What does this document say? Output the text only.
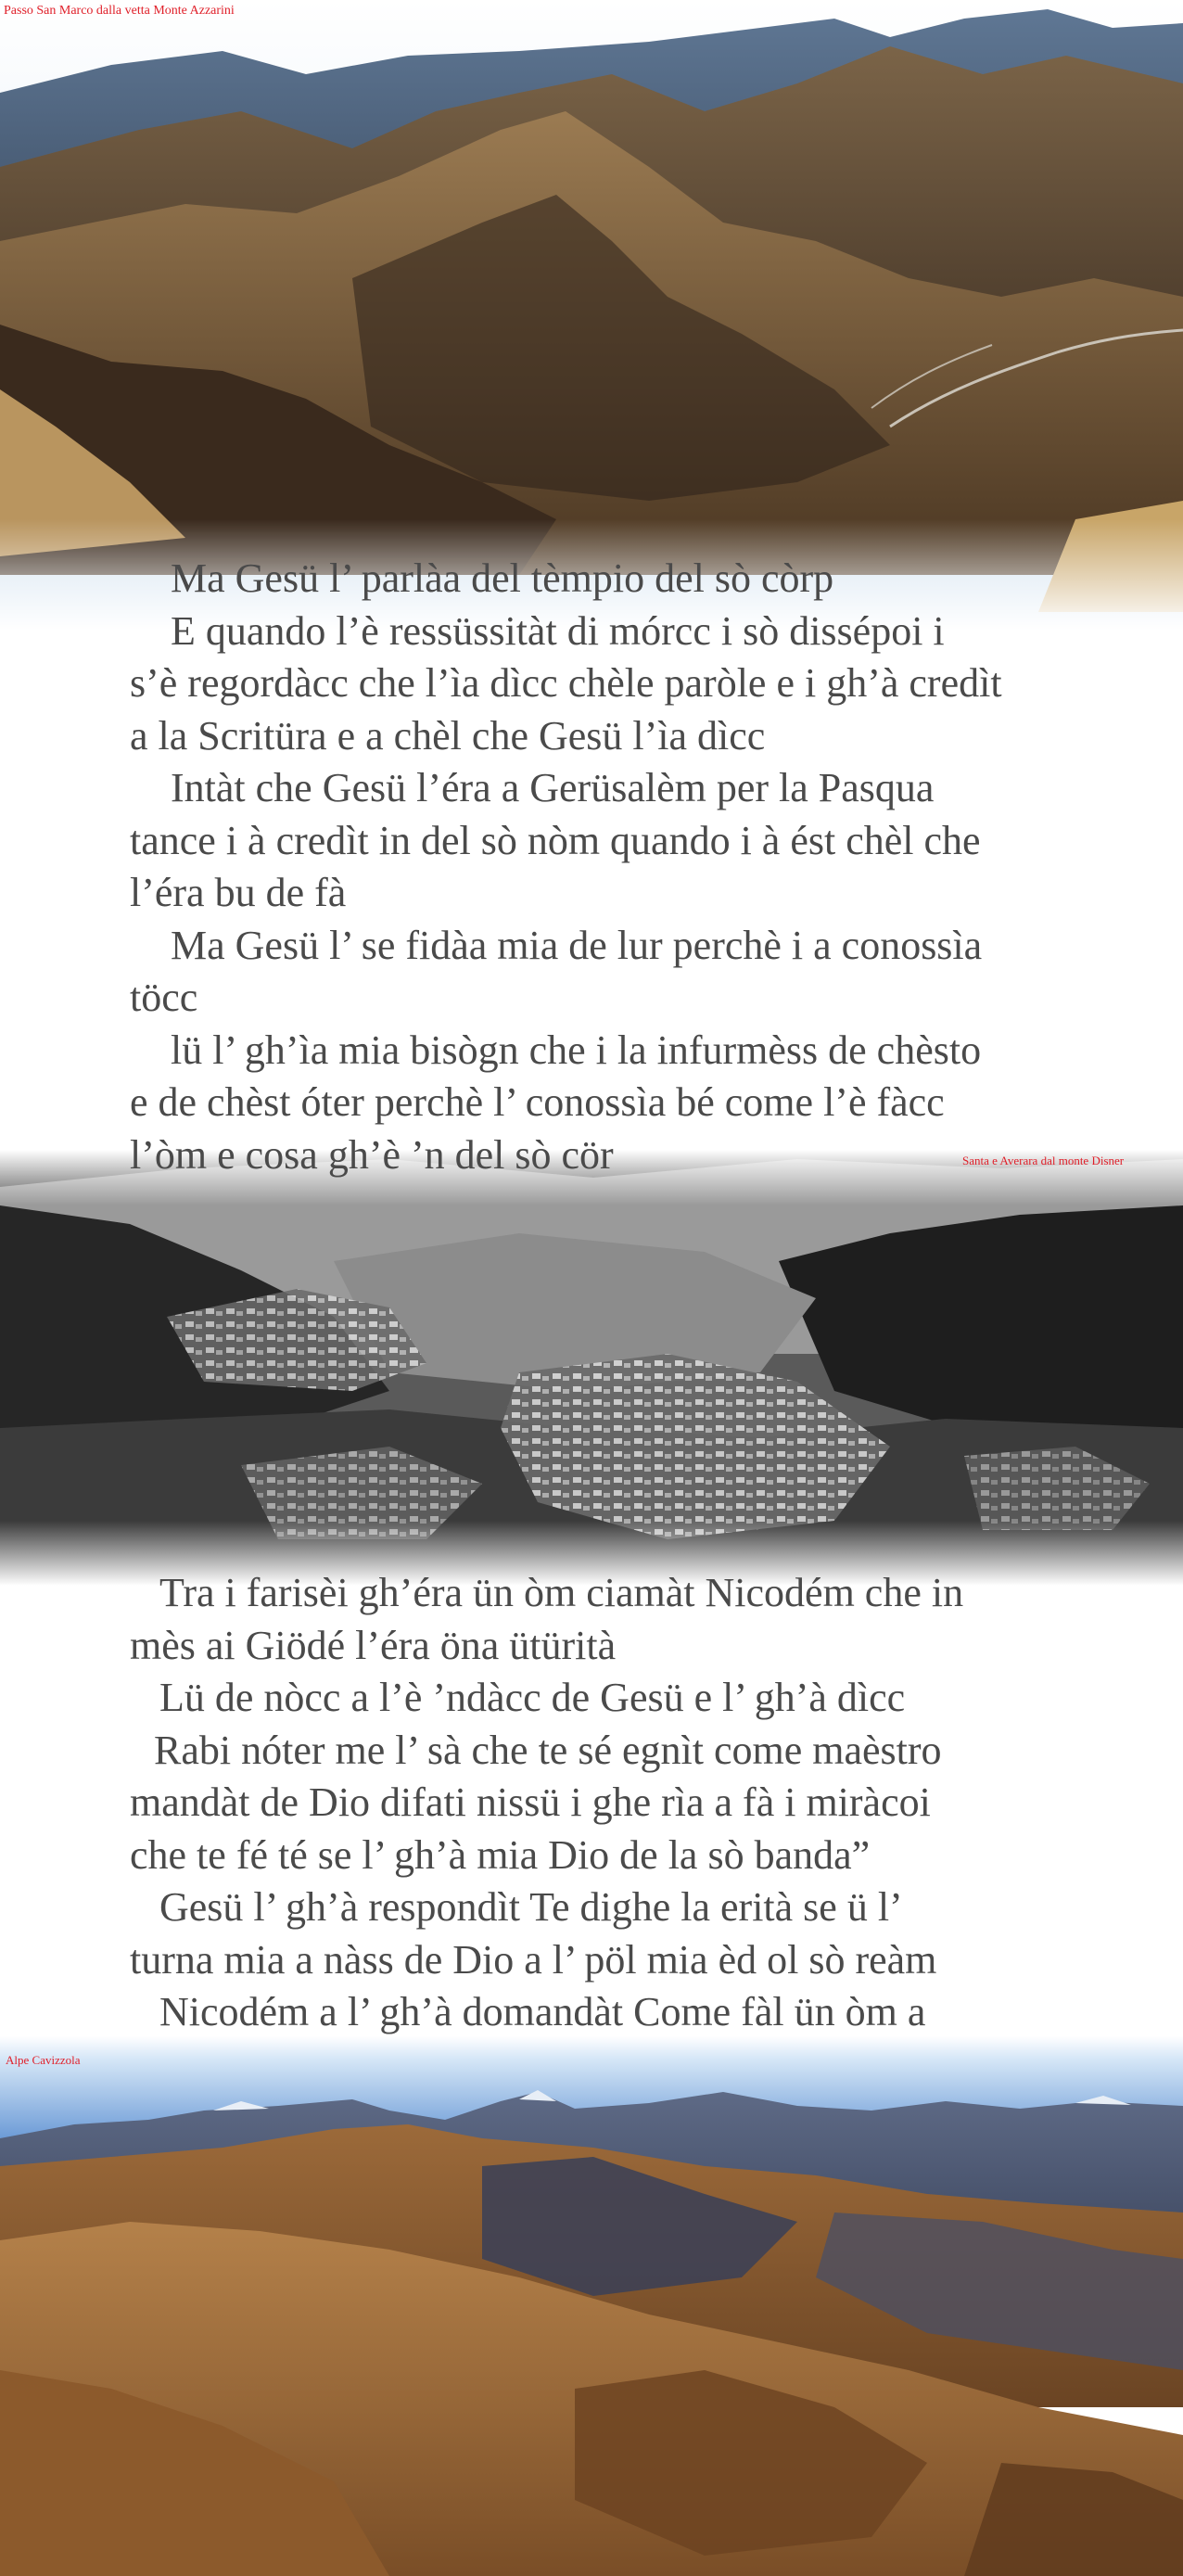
Passo San Marco dalla vetta Monte Azzarini

Ma Gesü l’ parlàa del tèmpio del sò còrp

E quando l’è ressüssitàt di mórcc i sò dissépoi i

s’è regordàcc che l’ìa dìcc chèle paròle e i gh’à credìt

a la Scritüra e a chèl che Gesü l’ìa dìcc

Intàt che Gesü l’éra a Gerüsalèm per la Pasqua

tance i à credìt in del sò nòm quando i à ést chèl che

l’éra bu de fà

Ma Gesü l’ se fidàa mia de lur perchè i a conossìa

töcc

lü l’ gh’ìa mia bisògn che i la infurmèss de chèsto

e de chèst óter perchè l’ conossìa bé come l’è fàcc

l’òm e cosa gh’è ’n del sò cör	Santa e Averara dal monte Disner

Tra i farisèi gh’éra ün òm ciamàt Nicodém che in

mès ai Giödé l’éra öna ütürità

Lü de nòcc a l’è ’ndàcc de Gesü e l’ gh’à dìcc

Rabi nóter me l’ sà che te sé egnìt come maèstro

mandàt de Dio difati nissü i ghe rìa a fà i miràcoi

che te fé té se l’ gh’à mia Dio de la sò banda”

Gesü l’ gh’à respondìt Te dighe la erità se ü l’

turna mia a nàss de Dio a l’ pöl mia èd ol sò reàm

Nicodém a l’ gh’à domandàt Come fàl ün òm a

Alpe Cavizzola
